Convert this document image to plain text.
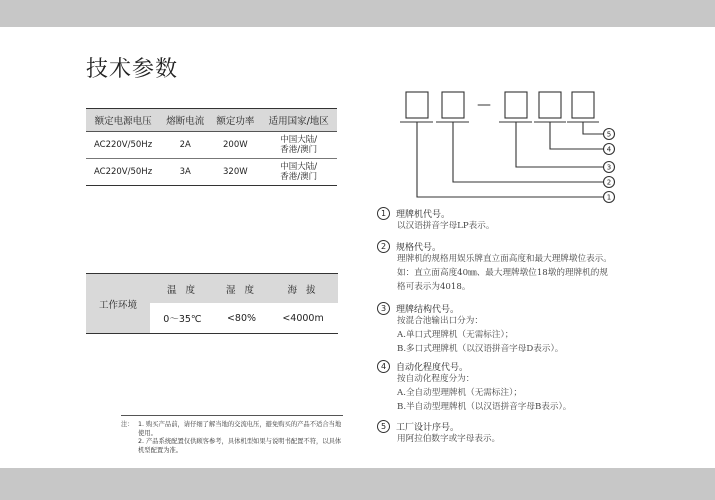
技术参数
额定电源电压	熔断电流	额定功率	适用国家/地区
AC220V/50Hz	2A	200W	中国大陆/
香港/澳门
AC220V/50Hz	3A	320W	中国大陆/
香港/澳门
工作环境	温 度	湿 度	海 拔
	0～35℃	<80%	<4000m
注： 1. 购买产品前，请仔细了解当地的交流电压，避免购买的产品不适合当地使用。
2. 产品系统配置仅供顾客参考，具体机型如果与说明书配置不符，以具体机型配置为准。
—
5
4
3
2
1
1	理牌机代号。
以汉语拼音字母LP表示。
2	规格代号。
理牌机的规格用娱乐牌直立面高度和最大理牌墩位表示。
如：直立面高度40㎜、最大理牌墩位18墩的理牌机的规
格可表示为4018。
3	理牌结构代号。
按混合池输出口分为：
A.单口式理牌机（无需标注）；
B.多口式理牌机（以汉语拼音字母D表示）。
4	自动化程度代号。
按自动化程度分为：
A.全自动型理牌机（无需标注）；
B.半自动型理牌机（以汉语拼音字母B表示）。
5	工厂设计序号。
用阿拉伯数字或字母表示。
